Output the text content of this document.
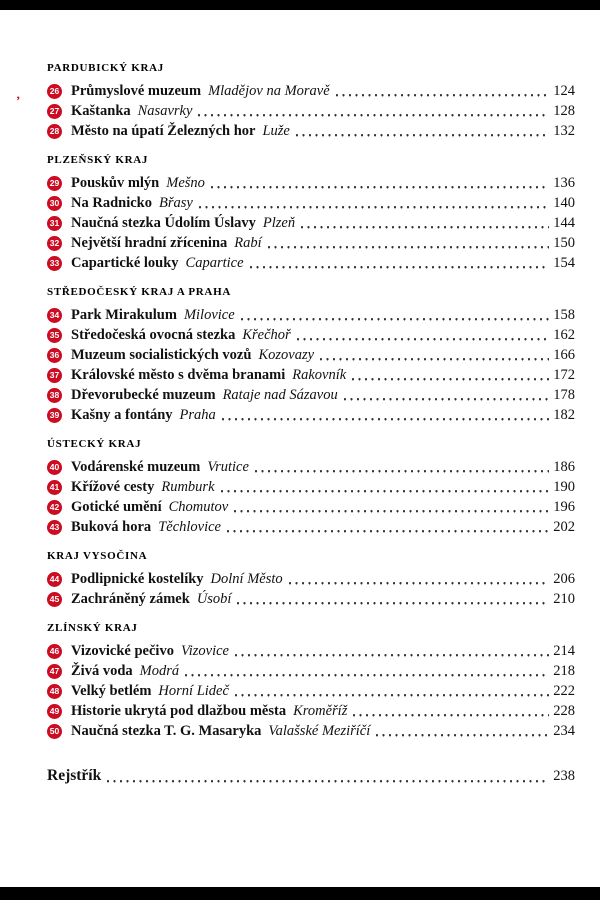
’
PARDUBICKÝ KRAJ
26 Průmyslové muzeum Mladějov na Moravě	124
27 Kaštanka Nasavrky	128
28 Město na úpatí Železných hor Luže	132
PLZEŇSKÝ KRAJ
29 Pouskův mlýn Mešno	136
30 Na Radnicko Břasy	140
31 Naučná stezka Údolím Úslavy Plzeň	144
32 Největší hradní zřícenina Rabí	150
33 Capartické louky Capartice	154
STŘEDOČESKÝ KRAJ A PRAHA
34 Park Mirakulum Milovice	158
35 Středočeská ovocná stezka Křečhoř	162
36 Muzeum socialistických vozů Kozovazy	166
37 Královské město s dvěma branami Rakovník	172
38 Dřevorubecké muzeum Rataje nad Sázavou	178
39 Kašny a fontány Praha	182
ÚSTECKÝ KRAJ
40 Vodárenské muzeum Vrutice	186
41 Křížové cesty Rumburk	190
42 Gotické umění Chomutov	196
43 Buková hora Těchlovice	202
KRAJ VYSOČINA
44 Podlipnické kostelíky Dolní Město	206
45 Zachráněný zámek Úsobí	210
ZLÍNSKÝ KRAJ
46 Vizovické pečivo Vizovice	214
47 Živá voda Modrá	218
48 Velký betlém Horní Lideč	222
49 Historie ukrytá pod dlažbou města Kroměříž	228
50 Naučná stezka T. G. Masaryka Valašské Meziříčí	234
Rejstřík	238
